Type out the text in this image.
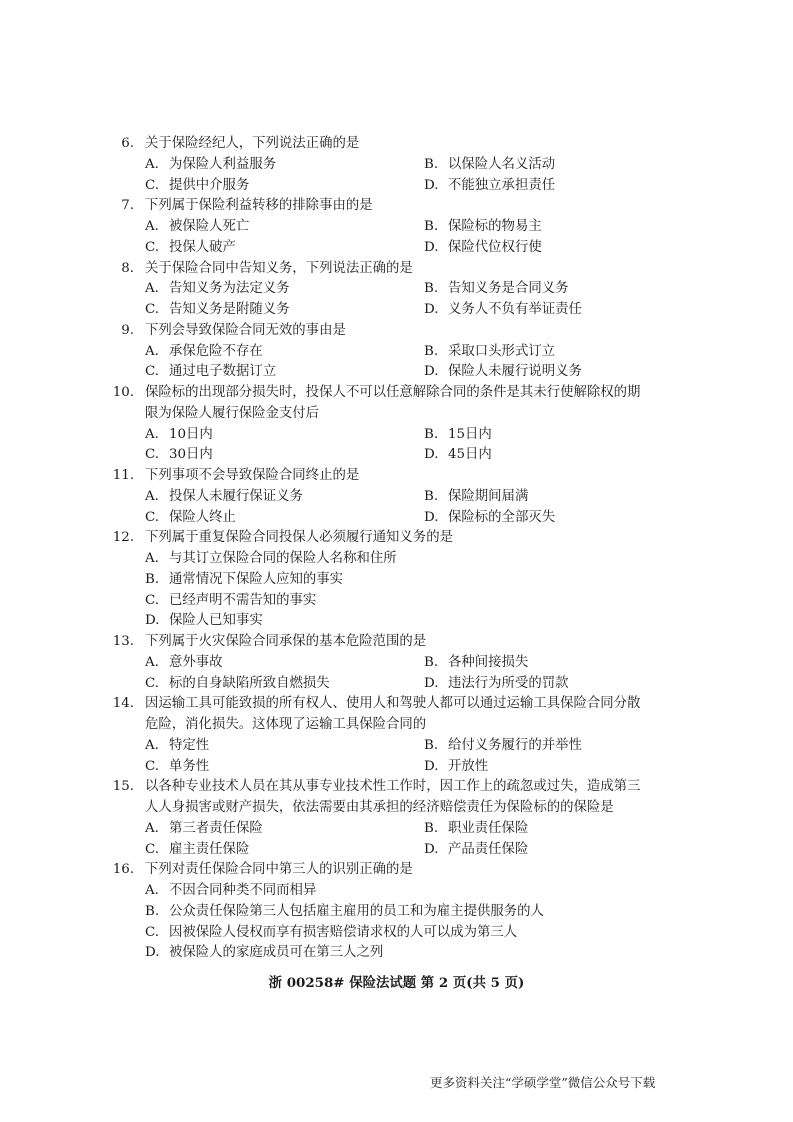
6. 关于保险经纪人，下列说法正确的是
A. 为保险人利益服务	B. 以保险人名义活动
C. 提供中介服务	D. 不能独立承担责任
7. 下列属于保险利益转移的排除事由的是
A. 被保险人死亡	B. 保险标的物易主
C. 投保人破产	D. 保险代位权行使
8. 关于保险合同中告知义务，下列说法正确的是
A. 告知义务为法定义务	B. 告知义务是合同义务
C. 告知义务是附随义务	D. 义务人不负有举证责任
9. 下列会导致保险合同无效的事由是
A. 承保危险不存在	B. 采取口头形式订立
C. 通过电子数据订立	D. 保险人未履行说明义务
10. 保险标的出现部分损失时，投保人不可以任意解除合同的条件是其未行使解除权的期
限为保险人履行保险金支付后
A. 10日内	B. 15日内
C. 30日内	D. 45日内
11. 下列事项不会导致保险合同终止的是
A. 投保人未履行保证义务	B. 保险期间届满
C. 保险人终止	D. 保险标的全部灭失
12. 下列属于重复保险合同投保人必须履行通知义务的是
A. 与其订立保险合同的保险人名称和住所
B. 通常情况下保险人应知的事实
C. 已经声明不需告知的事实
D. 保险人已知事实
13. 下列属于火灾保险合同承保的基本危险范围的是
A. 意外事故	B. 各种间接损失
C. 标的自身缺陷所致自燃损失	D. 违法行为所受的罚款
14. 因运输工具可能致损的所有权人、使用人和驾驶人都可以通过运输工具保险合同分散
危险，消化损失。这体现了运输工具保险合同的
A. 特定性	B. 给付义务履行的并举性
C. 单务性	D. 开放性
15. 以各种专业技术人员在其从事专业技术性工作时，因工作上的疏忽或过失，造成第三
人人身损害或财产损失，依法需要由其承担的经济赔偿责任为保险标的的保险是
A. 第三者责任保险	B. 职业责任保险
C. 雇主责任保险	D. 产品责任保险
16. 下列对责任保险合同中第三人的识别正确的是
A. 不因合同种类不同而相异
B. 公众责任保险第三人包括雇主雇用的员工和为雇主提供服务的人
C. 因被保险人侵权而享有损害赔偿请求权的人可以成为第三人
D. 被保险人的家庭成员可在第三人之列
浙 00258# 保险法试题 第 2 页(共 5 页)
更多资料关注“学硕学堂”微信公众号下载
